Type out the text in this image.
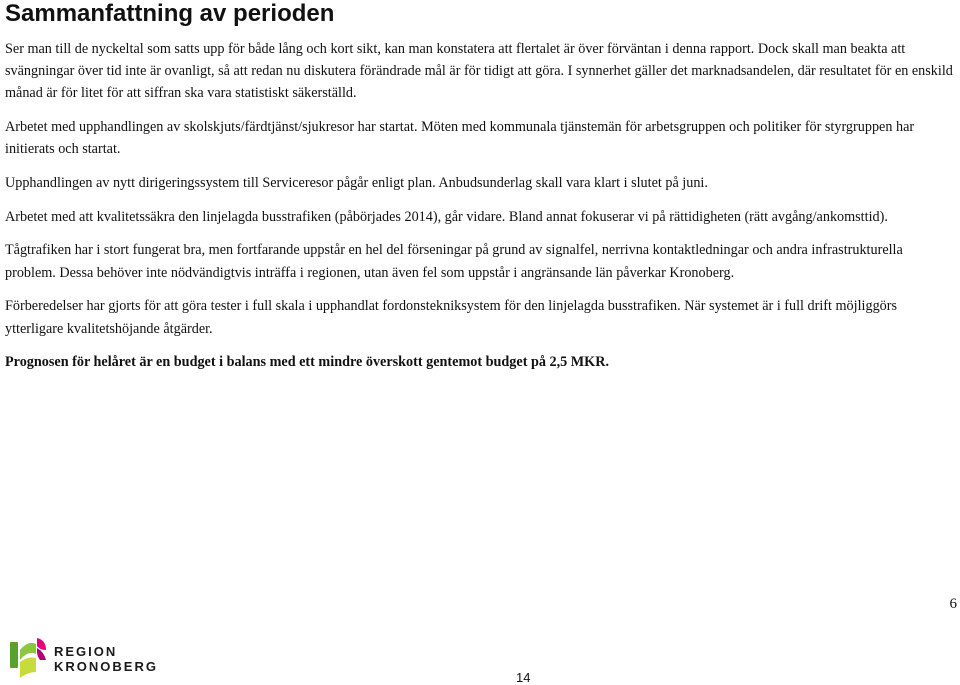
Sammanfattning av perioden

Ser man till de nyckeltal som satts upp för både lång och kort sikt, kan man konstatera att flertalet är över förväntan i denna rapport. Dock skall man beakta att svängningar över tid inte är ovanligt, så att redan nu diskutera förändrade mål är för tidigt att göra. I synnerhet gäller det marknadsandelen, där resultatet för en enskild månad är för litet för att siffran ska vara statistiskt säkerställd.

Arbetet med upphandlingen av skolskjuts/färdtjänst/sjukresor har startat. Möten med kommunala tjänstemän för arbetsgruppen och politiker för styrgruppen har initierats och startat.

Upphandlingen av nytt dirigeringssystem till Serviceresor pågår enligt plan. Anbudsunderlag skall vara klart i slutet på juni.

Arbetet med att kvalitetssäkra den linjelagda busstrafiken (påbörjades 2014), går vidare. Bland annat fokuserar vi på rättidigheten (rätt avgång/ankomsttid).

Tågtrafiken har i stort fungerat bra, men fortfarande uppstår en hel del förseningar på grund av signalfel, nerrivna kontaktledningar och andra infrastrukturella problem. Dessa behöver inte nödvändigtvis inträffa i regionen, utan även fel som uppstår i angränsande län påverkar Kronoberg.

Förberedelser har gjorts för att göra tester i full skala i upphandlat fordonstekniksystem för den linjelagda busstrafiken. När systemet är i full drift möjliggörs ytterligare kvalitetshöjande åtgärder.

Prognosen för helåret är en budget i balans med ett mindre överskott gentemot budget på 2,5 MKR.

6
REGION
KRONOBERG
14
